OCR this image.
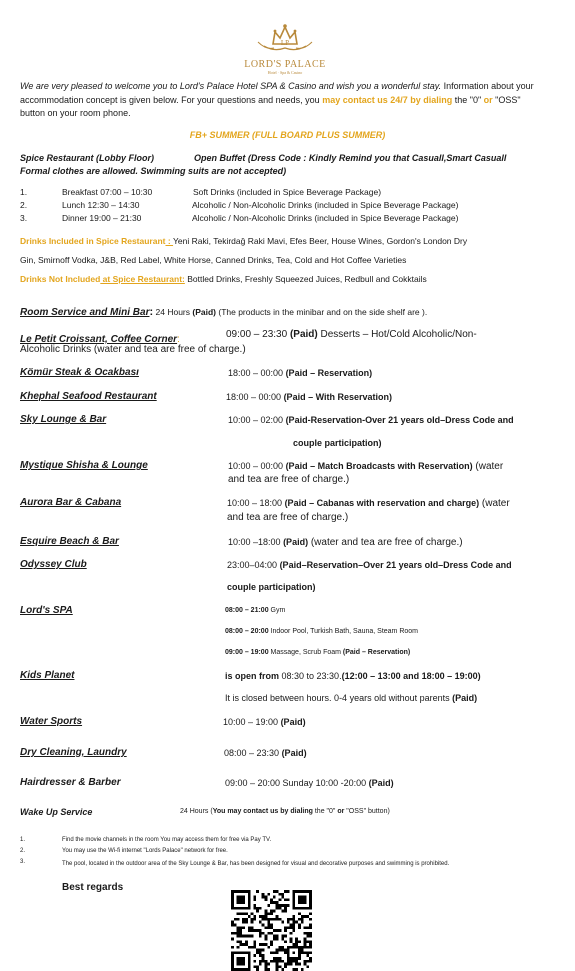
LP
LORD'S PALACE
Hotel · Spa & Casino
We are very pleased to welcome you to Lord's Palace Hotel SPA & Casino and wish you a wonderful stay. Information about your accommodation concept is given below. For your questions and needs, you may contact us 24/7 by dialing the "0" or "OSS" button on your room phone.
FB+ SUMMER (FULL BOARD PLUS SUMMER)
Spice Restaurant (Lobby Floor)	Open Buffet (Dress Code : Kindly Remind you that Casuall,Smart Casuall
Formal clothes are allowed. Swimming suits are not accepted)
1.	Breakfast 07:00 – 10:30	Soft Drinks (included in Spice Beverage Package)
2.	Lunch 12:30 – 14:30	Alcoholic / Non-Alcoholic Drinks (included in Spice Beverage Package)
3.	Dinner 19:00 – 21:30	Alcoholic / Non-Alcoholic Drinks (included in Spice Beverage Package)
Drinks Included in Spice Restaurant : Yeni Raki, Tekirdağ Raki Mavi, Efes Beer, House Wines, Gordon's London Dry
Gin, Smirnoff Vodka, J&B, Red Label, White Horse, Canned Drinks, Tea, Cold and Hot Coffee Varieties
Drinks Not Included at Spice Restaurant: Bottled Drinks, Freshly Squeezed Juices, Redbull and Cokktails
Room Service and Mini Bar: 24 Hours (Paid) (The products in the minibar and on the side shelf are ).
Le Petit Croissant, Coffee Corner:	09:00 – 23:30 (Paid) Desserts – Hot/Cold Alcoholic/Non-
Alcoholic Drinks (water and tea are free of charge.)
Kömür Steak & Ocakbası	18:00 – 00:00 (Paid – Reservation)
Khephal Seafood Restaurant	18:00 – 00:00 (Paid – With Reservation)
Sky Lounge & Bar	10:00 – 02:00 (Paid-Reservation-Over 21 years old–Dress Code and
couple participation)
Mystique Shisha & Lounge	10:00 – 00:00 (Paid – Match Broadcasts with Reservation) (water
and tea are free of charge.)
Aurora Bar & Cabana	10:00 – 18:00 (Paid – Cabanas with reservation and charge) (water
and tea are free of charge.)
Esquire Beach & Bar	10:00 –18:00 (Paid) (water and tea are free of charge.)
Odyssey Club	23:00–04:00 (Paid–Reservation–Over 21 years old–Dress Code and
couple participation)
Lord's SPA	08:00 – 21:00 Gym
08:00 – 20:00 Indoor Pool, Turkish Bath, Sauna, Steam Room
09:00 – 19:00 Massage, Scrub Foam (Paid – Reservation)
Kids Planet	is open from 08:30 to 23:30.(12:00 – 13:00 and 18:00 – 19:00)
It is closed between hours. 0-4 years old without parents (Paid)
Water Sports	10:00 – 19:00 (Paid)
Dry Cleaning, Laundry	08:00 – 23:30 (Paid)
Hairdresser & Barber	09:00 – 20:00 Sunday 10:00 -20:00 (Paid)
Wake Up Service	24 Hours (You may contact us by dialing the "0" or "OSS" button)
1.	Find the movie channels in the room You may access them for free via Pay TV.
2.	You may use the Wi-fi internet "Lords Palace" network for free.
3.	The pool, located in the outdoor area of the Sky Lounge & Bar, has been designed for visual and decorative purposes and swimming is prohibited.
Best regards
